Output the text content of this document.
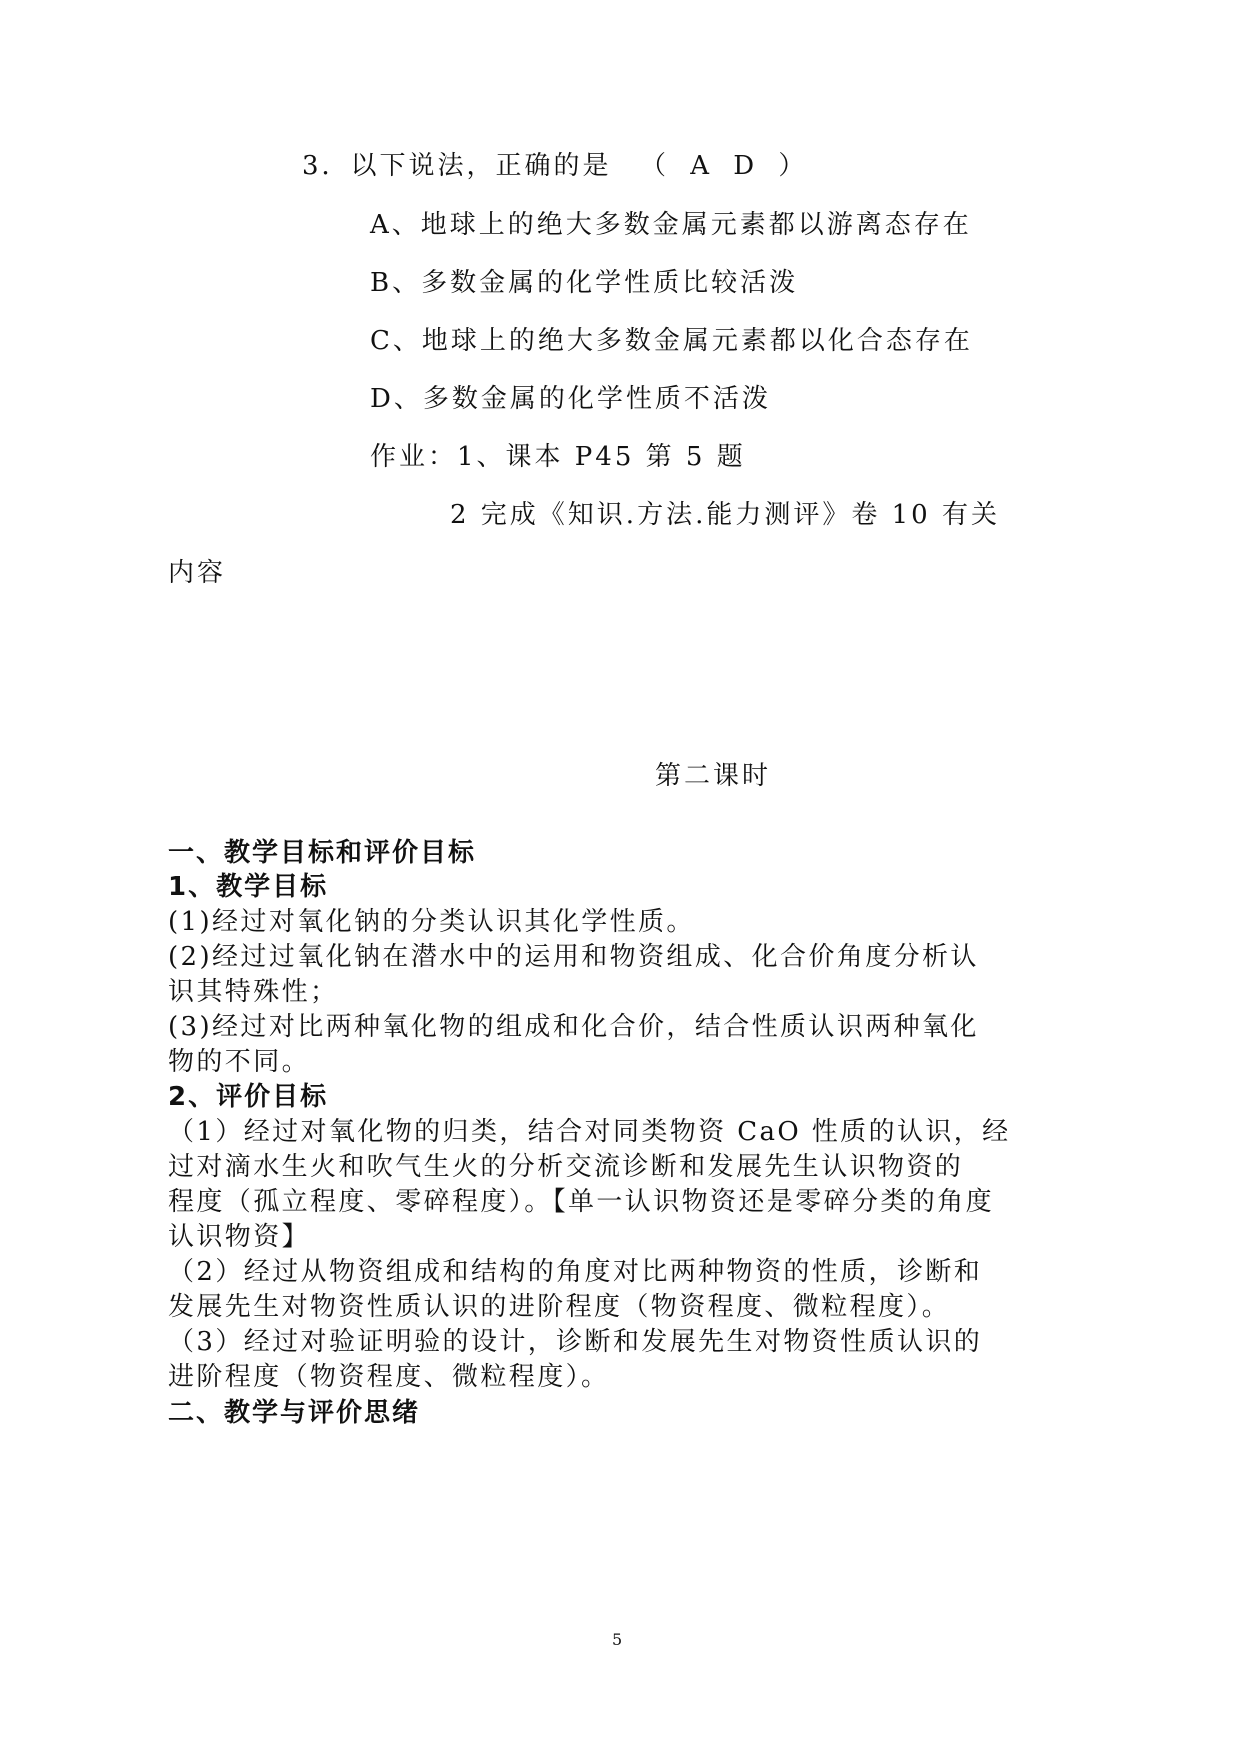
3．以下说法，正确的是 （ A D ）
A、地球上的绝大多数金属元素都以游离态存在
B、多数金属的化学性质比较活泼
C、地球上的绝大多数金属元素都以化合态存在
D、多数金属的化学性质不活泼
作业：1、课本 P45 第 5 题
2 完成《知识.方法.能力测评》卷 10 有关
内容
第二课时
一、教学目标和评价目标
1、教学目标
(1)经过对氧化钠的分类认识其化学性质。
(2)经过过氧化钠在潜水中的运用和物资组成、化合价角度分析认
识其特殊性；
(3)经过对比两种氧化物的组成和化合价，结合性质认识两种氧化
物的不同。
2、评价目标
（1）经过对氧化物的归类，结合对同类物资 CaO 性质的认识，经
过对滴水生火和吹气生火的分析交流诊断和发展先生认识物资的
程度（孤立程度、零碎程度）。【单一认识物资还是零碎分类的角度
认识物资】
（2）经过从物资组成和结构的角度对比两种物资的性质，诊断和
发展先生对物资性质认识的进阶程度（物资程度、微粒程度）。
（3）经过对验证明验的设计，诊断和发展先生对物资性质认识的
进阶程度（物资程度、微粒程度）。
二、教学与评价思绪
5
